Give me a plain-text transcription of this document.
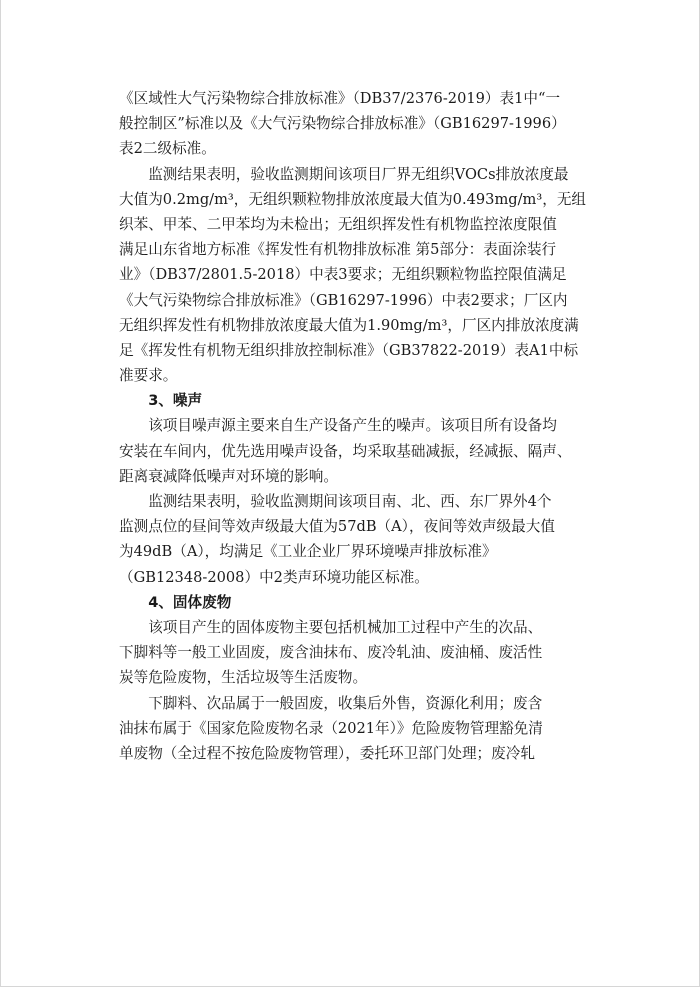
《区域性大气污染物综合排放标准》（DB37/2376-2019）表1中“一
般控制区”标准以及《大气污染物综合排放标准》（GB16297-1996）
表2二级标准。
　　监测结果表明，验收监测期间该项目厂界无组织VOCs排放浓度最
大值为0.2mg/m³，无组织颗粒物排放浓度最大值为0.493mg/m³，无组
织苯、甲苯、二甲苯均为未检出；无组织挥发性有机物监控浓度限值
满足山东省地方标准《挥发性有机物排放标准 第5部分：表面涂装行
业》（DB37/2801.5-2018）中表3要求；无组织颗粒物监控限值满足
《大气污染物综合排放标准》（GB16297-1996）中表2要求；厂区内
无组织挥发性有机物排放浓度最大值为1.90mg/m³，厂区内排放浓度满
足《挥发性有机物无组织排放控制标准》（GB37822-2019）表A1中标
准要求。
　　3、噪声
　　该项目噪声源主要来自生产设备产生的噪声。该项目所有设备均
安装在车间内，优先选用噪声设备，均采取基础减振，经减振、隔声、
距离衰减降低噪声对环境的影响。
　　监测结果表明，验收监测期间该项目南、北、西、东厂界外4个
监测点位的昼间等效声级最大值为57dB（A），夜间等效声级最大值
为49dB（A），均满足《工业企业厂界环境噪声排放标准》
（GB12348-2008）中2类声环境功能区标准。
　　4、固体废物
　　该项目产生的固体废物主要包括机械加工过程中产生的次品、
下脚料等一般工业固废，废含油抹布、废冷轧油、废油桶、废活性
炭等危险废物，生活垃圾等生活废物。
　　下脚料、次品属于一般固废，收集后外售，资源化利用；废含
油抹布属于《国家危险废物名录（2021年）》危险废物管理豁免清
单废物（全过程不按危险废物管理），委托环卫部门处理；废冷轧
